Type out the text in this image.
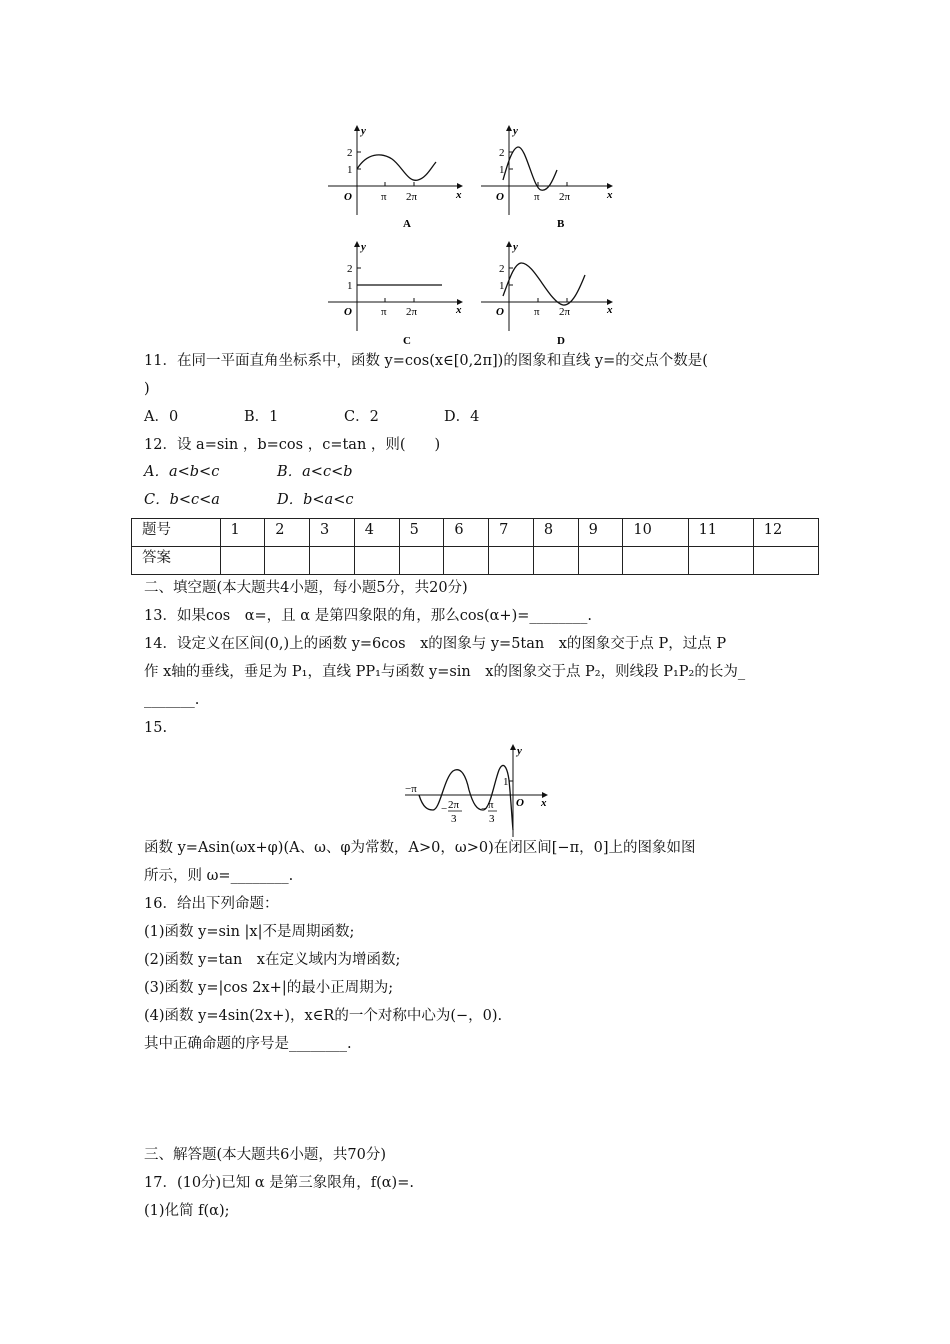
y
x
O
2
1
π 2π
A
y
x
O
2
1
π 2π
B
y
x
O
2
1
π 2π
C
y
x
O
2
1
π 2π
D
11．在同一平面直角坐标系中，函数 y=cos(x∈[0,2π])的图象和直线 y=的交点个数是(
)
A．0	B．1	C．2	D．4
12．设 a=sin ，b=cos ，c=tan ，则(　　)
A．a<b<c	B．a<c<b
C．b<c<a	D．b<a<c
题号	1	2	3	4	5	6	7	8	9	10	11	12
答案												
二、填空题(本大题共4小题，每小题5分，共20分)
13．如果cos　α=，且 α 是第四象限的角，那么cos(α+)=________.
14．设定义在区间(0,)上的函数 y=6cos　x的图象与 y=5tan　x的图象交于点 P，过点 P
作 x轴的垂线，垂足为 P₁，直线 PP₁与函数 y=sin　x的图象交于点 P₂，则线段 P₁P₂的长为_
_______.
15.
y
x
O
1
−π
− 2π
3
− π
3
函数 y=Asin(ωx+φ)(A、ω、φ为常数，A>0，ω>0)在闭区间[−π，0]上的图象如图
所示，则 ω=________.
16．给出下列命题：
(1)函数 y=sin |x|不是周期函数;
(2)函数 y=tan　x在定义域内为增函数;
(3)函数 y=|cos 2x+|的最小正周期为;
(4)函数 y=4sin(2x+)，x∈R的一个对称中心为(−，0).
其中正确命题的序号是________.
三、解答题(本大题共6小题，共70分)
17．(10分)已知 α 是第三象限角，f(α)=.
(1)化简 f(α);
